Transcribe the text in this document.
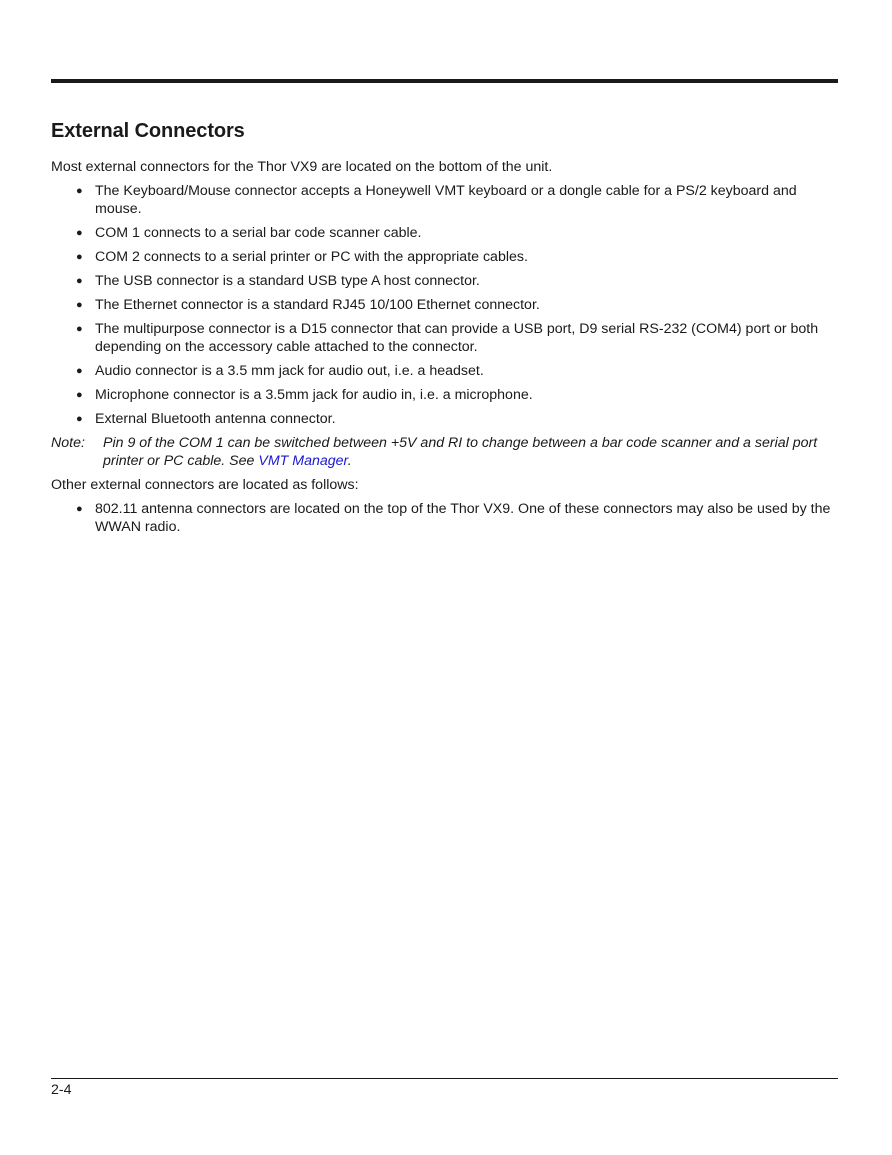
External Connectors

Most external connectors for the Thor VX9 are located on the bottom of the unit.

● The Keyboard/Mouse connector accepts a Honeywell VMT keyboard or a dongle cable for a PS/2 keyboard and mouse.
● COM 1 connects to a serial bar code scanner cable.
● COM 2 connects to a serial printer or PC with the appropriate cables.
● The USB connector is a standard USB type A host connector.
● The Ethernet connector is a standard RJ45 10/100 Ethernet connector.
● The multipurpose connector is a D15 connector that can provide a USB port, D9 serial RS-232 (COM4) port or both depending on the accessory cable attached to the connector.
● Audio connector is a 3.5 mm jack for audio out, i.e. a headset.
● Microphone connector is a 3.5mm jack for audio in, i.e. a microphone.
● External Bluetooth antenna connector.

Note: Pin 9 of the COM 1 can be switched between +5V and RI to change between a bar code scanner and a serial port printer or PC cable. See VMT Manager.

Other external connectors are located as follows:

● 802.11 antenna connectors are located on the top of the Thor VX9. One of these connectors may also be used by the WWAN radio.
2-4
